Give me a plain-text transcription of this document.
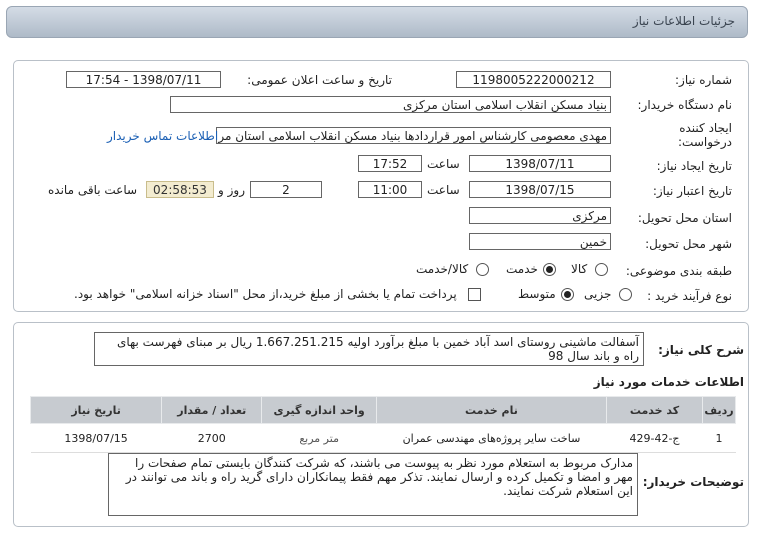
جزئیات اطلاعات نیاز
شماره نیاز:
1198005222000212
تاریخ و ساعت اعلان عمومی:
1398/07/11 - 17:54
نام دستگاه خریدار:
بنیاد مسکن انقلاب اسلامی استان مرکزی
ایجاد کننده
درخواست:
مهدی معصومی کارشناس امور قراردادها بنیاد مسکن انقلاب اسلامی استان مر
اطلاعات تماس خریدار
تاریخ ایجاد نیاز:
1398/07/11
ساعت
17:52
تاریخ اعتبار نیاز:
1398/07/15
ساعت
11:00
2
روز و
02:58:53
ساعت باقی مانده
استان محل تحویل:
مرکزی
شهر محل تحویل:
خمین
طبقه بندی موضوعی:
کالا
خدمت
کالا/خدمت
نوع فرآیند خرید :
جزیی
متوسط
پرداخت تمام یا بخشی از مبلغ خرید،از محل "اسناد خزانه اسلامی" خواهد بود.
شرح کلی نیاز:
آسفالت ماشینی روستای اسد آباد خمین با مبلغ برآورد اولیه 1.667.251.215 ریال بر مبنای فهرست بهای راه و باند سال 98
اطلاعات خدمات مورد نیاز
ردیف	کد خدمت	نام خدمت	واحد اندازه گیری	تعداد / مقدار	تاریخ نیاز
1	ج-42-429	ساخت سایر پروژه‌های مهندسی عمران	متر مربع	2700	1398/07/15
توضیحات خریدار:
مدارک مربوط به استعلام مورد نظر به پیوست می باشند، که شرکت کنندگان بایستی تمام صفحات را مهر و امضا و تکمیل کرده و ارسال نمایند. تذکر مهم فقط پیمانکاران دارای گرید راه و باند می توانند در این استعلام شرکت نمایند.
